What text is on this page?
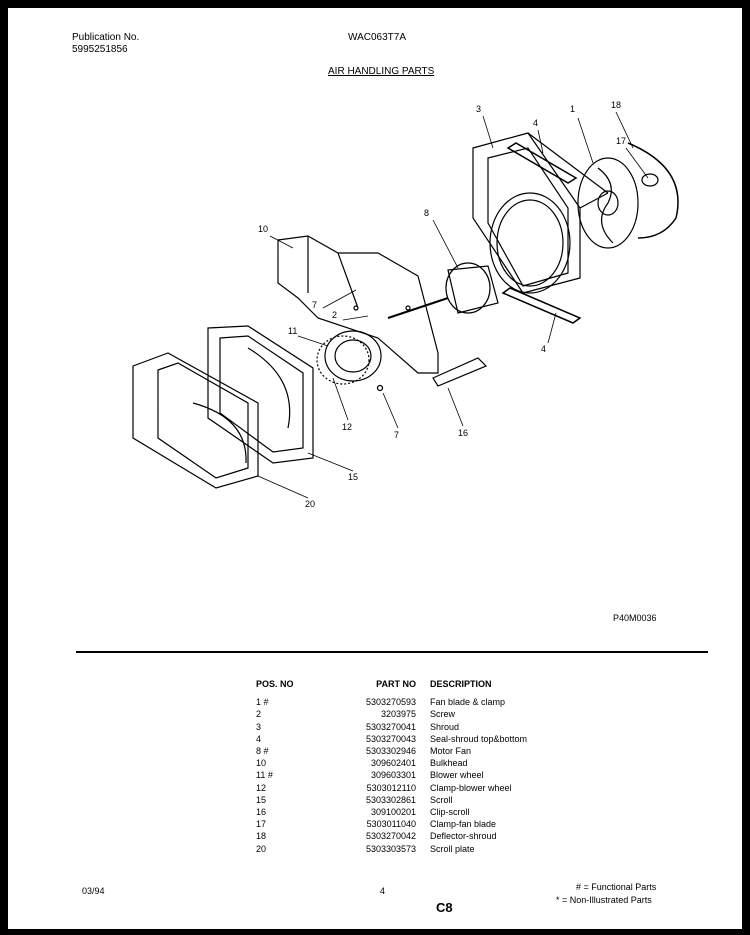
Publication No.
5995251856
WAC063T7A
AIR HANDLING PARTS
3
4
1	18
17
8
10
7
2
11
4
12
7	16
15
20
P40M0036
POS. NO	PART NO	DESCRIPTION
1 #	5303270593	Fan blade & clamp
2	3203975	Screw
3	5303270041	Shroud
4	5303270043	Seal-shroud top&bottom
8 #	5303302946	Motor Fan
10	309602401	Bulkhead
11 #	309603301	Blower wheel
12	5303012110	Clamp-blower wheel
15	5303302861	Scroll
16	309100201	Clip-scroll
17	5303011040	Clamp-fan blade
18	5303270042	Deflector-shroud
20	5303303573	Scroll plate
03/94	4
C8
# = Functional Parts
* = Non-Illustrated Parts
